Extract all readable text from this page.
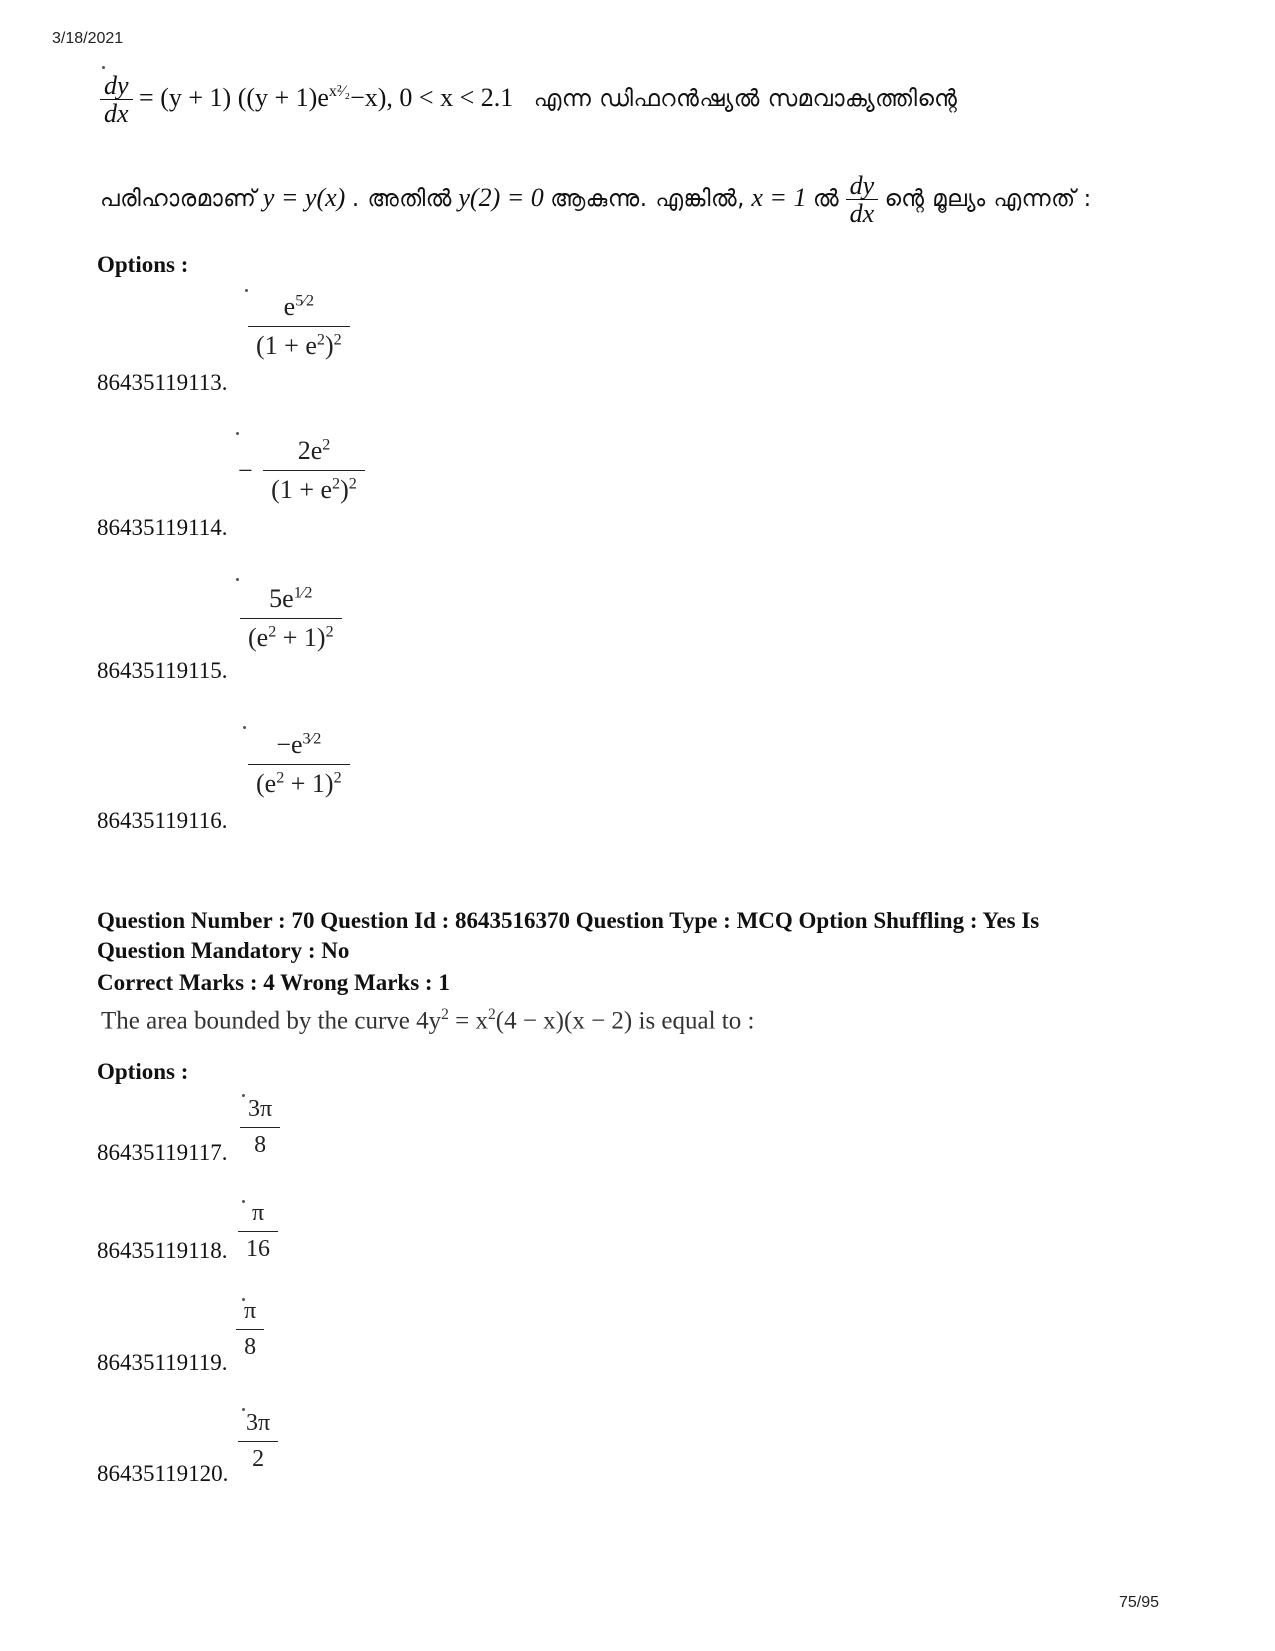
3/18/2021
75/95
$\frac{dy}{dx} = (y + 1) ((y + 1)e^{x^2⁄_2}-x)$, 0 < x < 2.1 എന്ന ഡിഫറൻഷ്യൽ സമവാക്യത്തിന്റെ
പരിഹാരമാണ് y = y(x) . അതിൽ y(2) = 0 ആകുന്നു. എങ്കിൽ, x = 1 ൽ $\frac{dy}{dx}$ ന്റെ മൂല്യം എന്നത് :
Options :
$\frac{e^{5⁄2}}{(1 + e^2)^2}$
86435119113.
− $\frac{2e^2}{(1 + e^2)^2}$
86435119114.
$\frac{5e^{1⁄2}}{(e^2 + 1)^2}$
86435119115.
$\frac{-e^{3⁄2}}{(e^2 + 1)^2}$
86435119116.
Question Number : 70 Question Id : 8643516370 Question Type : MCQ Option Shuffling : Yes Is
Question Mandatory : No
Correct Marks : 4 Wrong Marks : 1
The area bounded by the curve $4y^2 = x^2(4 - x)(x - 2)$ is equal to :
Options :
$\frac{3\pi}{8}$
86435119117.
$\frac{\pi}{16}$
86435119118.
$\frac{\pi}{8}$
86435119119.
$\frac{3\pi}{2}$
86435119120.
